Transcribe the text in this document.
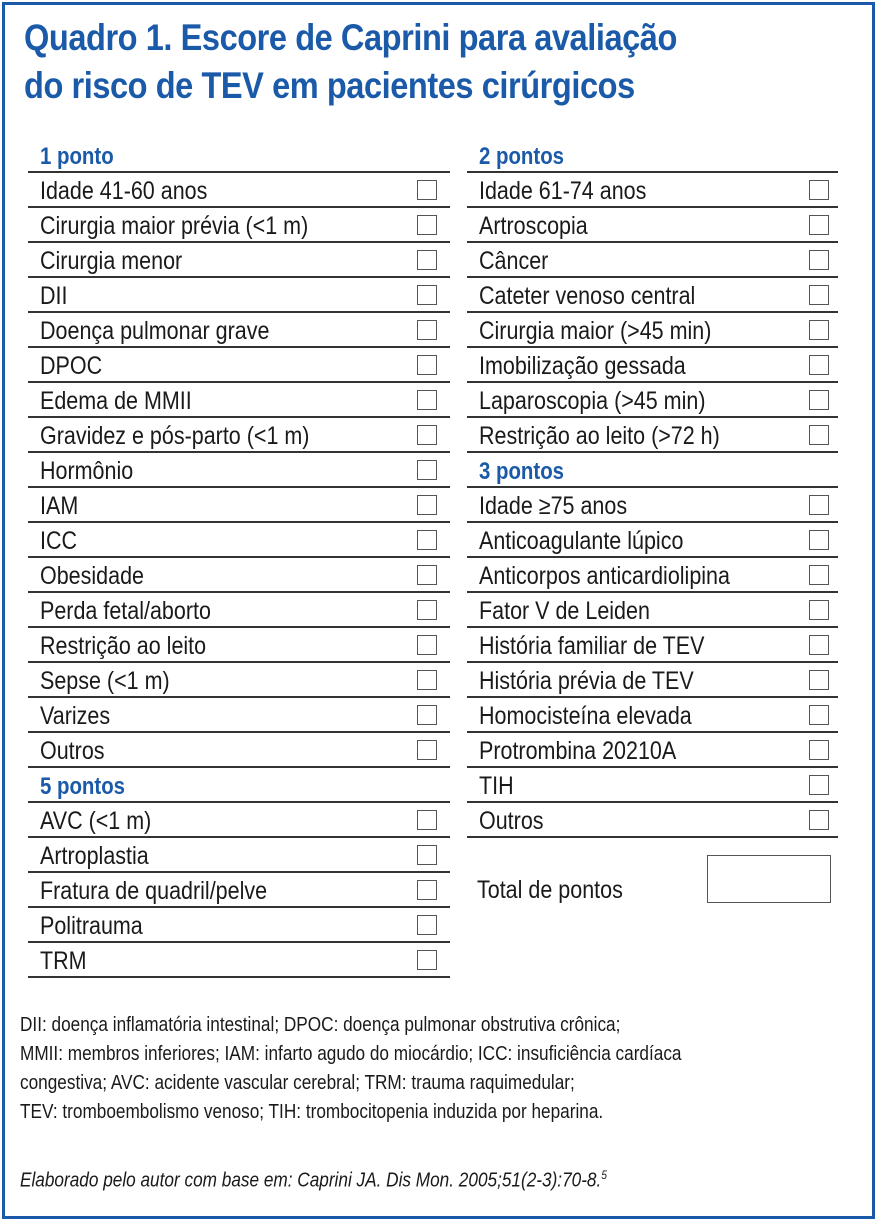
Quadro 1. Escore de Caprini para avaliação
do risco de TEV em pacientes cirúrgicos
1 ponto
Idade 41-60 anos
Cirurgia maior prévia (<1 m)
Cirurgia menor
DII
Doença pulmonar grave
DPOC
Edema de MMII
Gravidez e pós-parto (<1 m)
Hormônio
IAM
ICC
Obesidade
Perda fetal/aborto
Restrição ao leito
Sepse (<1 m)
Varizes
Outros
5 pontos
AVC (<1 m)
Artroplastia
Fratura de quadril/pelve
Politrauma
TRM
2 pontos
Idade 61-74 anos
Artroscopia
Câncer
Cateter venoso central
Cirurgia maior (>45 min)
Imobilização gessada
Laparoscopia (>45 min)
Restrição ao leito (>72 h)
3 pontos
Idade ≥75 anos
Anticoagulante lúpico
Anticorpos anticardiolipina
Fator V de Leiden
História familiar de TEV
História prévia de TEV
Homocisteína elevada
Protrombina 20210A
TIH
Outros
Total de pontos
DII: doença inflamatória intestinal; DPOC: doença pulmonar obstrutiva crônica;
MMII: membros inferiores; IAM: infarto agudo do miocárdio; ICC: insuficiência cardíaca
congestiva; AVC: acidente vascular cerebral; TRM: trauma raquimedular;
TEV: tromboembolismo venoso; TIH: trombocitopenia induzida por heparina.
Elaborado pelo autor com base em: Caprini JA. Dis Mon. 2005;51(2-3):70-8.$^5$
